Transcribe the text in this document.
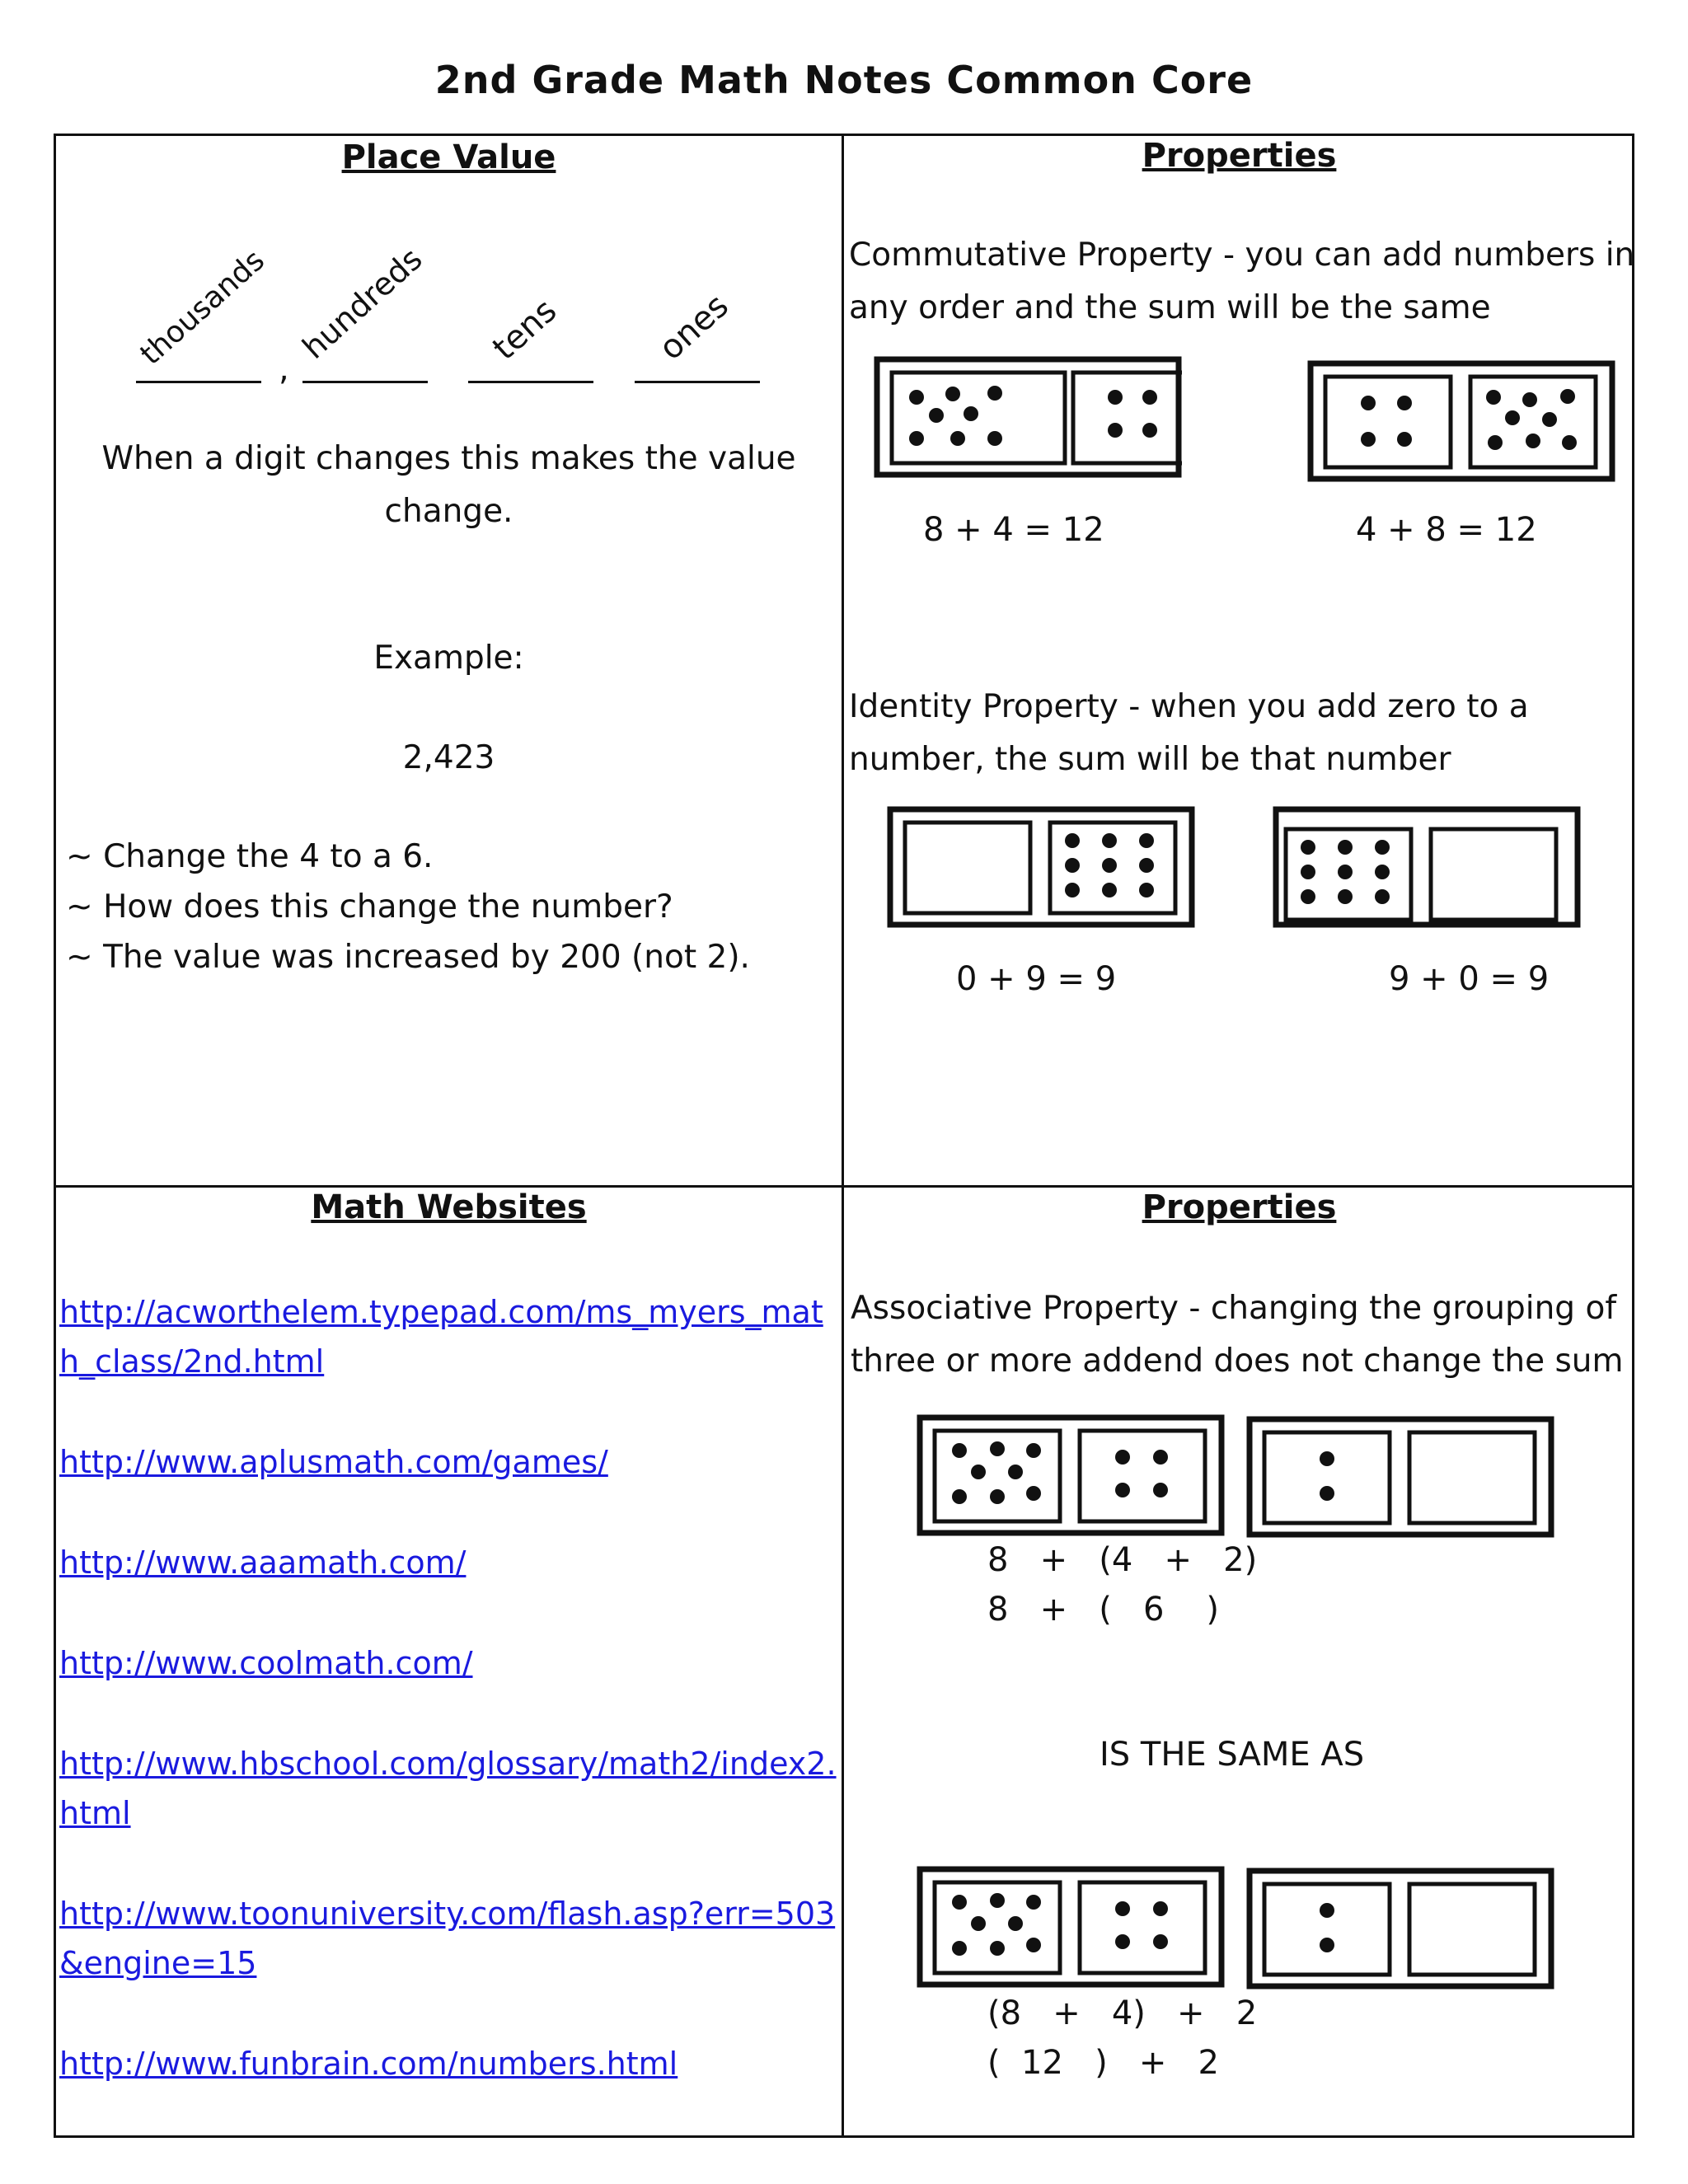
2nd Grade Math Notes Common Core
Place Value
thousands ,
hundreds tens	ones
When a digit changes this makes the value
change.
Example:
2,423
~ Change the 4 to a 6.
~ How does this change the number?
~ The value was increased by 200 (not 2).
Properties
Commutative Property - you can add numbers in
any order and the sum will be the same
8 + 4 = 12	4 + 8 = 12
Identity Property - when you add zero to a
number, the sum will be that number
0 + 9 = 9	9 + 0 = 9
Math Websites
http://acworthelem.typepad.com/ms_myers_math_class/2nd.html
http://www.aplusmath.com/games/
http://www.aaamath.com/
http://www.coolmath.com/
http://www.hbschool.com/glossary/math2/index2.html
http://www.toonuniversity.com/flash.asp?err=503&engine=15
http://www.funbrain.com/numbers.html
Properties
Associative Property - changing the grouping of
three or more addend does not change the sum
8   +   (4   +   2)
8   +   (   6    )
IS THE SAME AS
(8   +   4)   +   2
(  12   )   +   2
